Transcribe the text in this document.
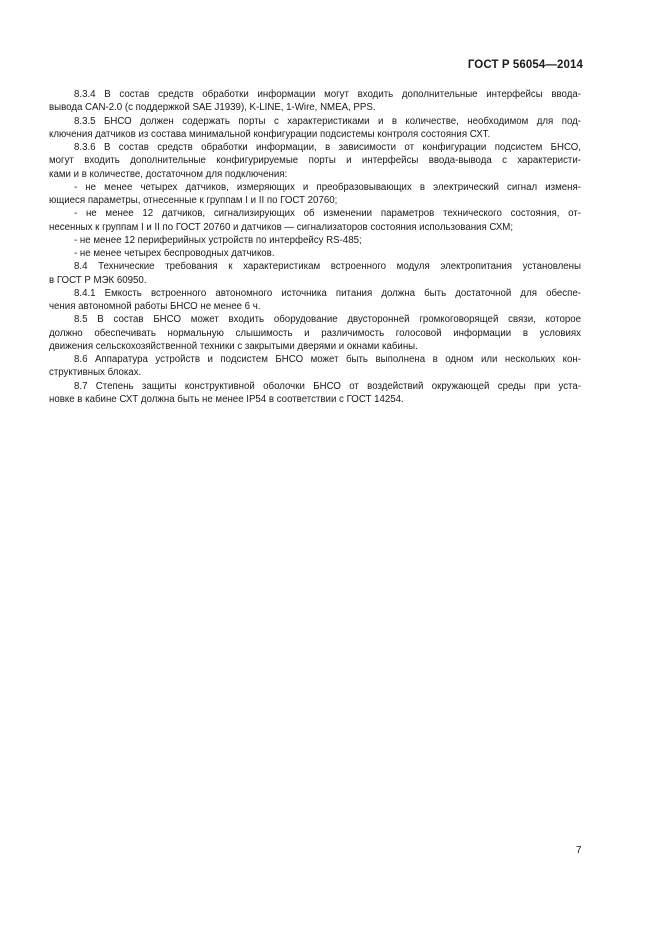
ГОСТ Р 56054—2014

8.3.4 В состав средств обработки информации могут входить дополнительные интерфейсы ввода-
вывода CAN-2.0 (с поддержкой SAE J1939), K-LINE, 1-Wire, NMEA, PPS.

8.3.5 БНСО должен содержать порты с характеристиками и в количестве, необходимом для под-
ключения датчиков из состава минимальной конфигурации подсистемы контроля состояния СХТ.

8.3.6 В состав средств обработки информации, в зависимости от конфигурации подсистем БНСО,
могут входить дополнительные конфигурируемые порты и интерфейсы ввода-вывода с характеристи-
ками и в количестве, достаточном для подключения:

- не менее четырех датчиков, измеряющих и преобразовывающих в электрический сигнал изменя-
ющиеся параметры, отнесенные к группам I и II по ГОСТ 20760;

- не менее 12 датчиков, сигнализирующих об изменении параметров технического состояния, от-
несенных к группам I и II по ГОСТ 20760 и датчиков — сигнализаторов состояния использования СХМ;

- не менее 12 периферийных устройств по интерфейсу RS-485;

- не менее четырех беспроводных датчиков.

8.4 Технические требования к характеристикам встроенного модуля электропитания установлены
в ГОСТ Р МЭК 60950.

8.4.1 Емкость встроенного автономного источника питания должна быть достаточной для обеспе-
чения автономной работы БНСО не менее 6 ч.

8.5 В состав БНСО может входить оборудование двусторонней громкоговорящей связи, которое
должно обеспечивать нормальную слышимость и различимость голосовой информации в условиях
движения сельскохозяйственной техники с закрытыми дверями и окнами кабины.

8.6 Аппаратура устройств и подсистем БНСО может быть выполнена в одном или нескольких кон-
структивных блоках.

8.7 Степень защиты конструктивной оболочки БНСО от воздействий окружающей среды при уста-
новке в кабине СХТ должна быть не менее IP54 в соответствии с ГОСТ 14254.

7
